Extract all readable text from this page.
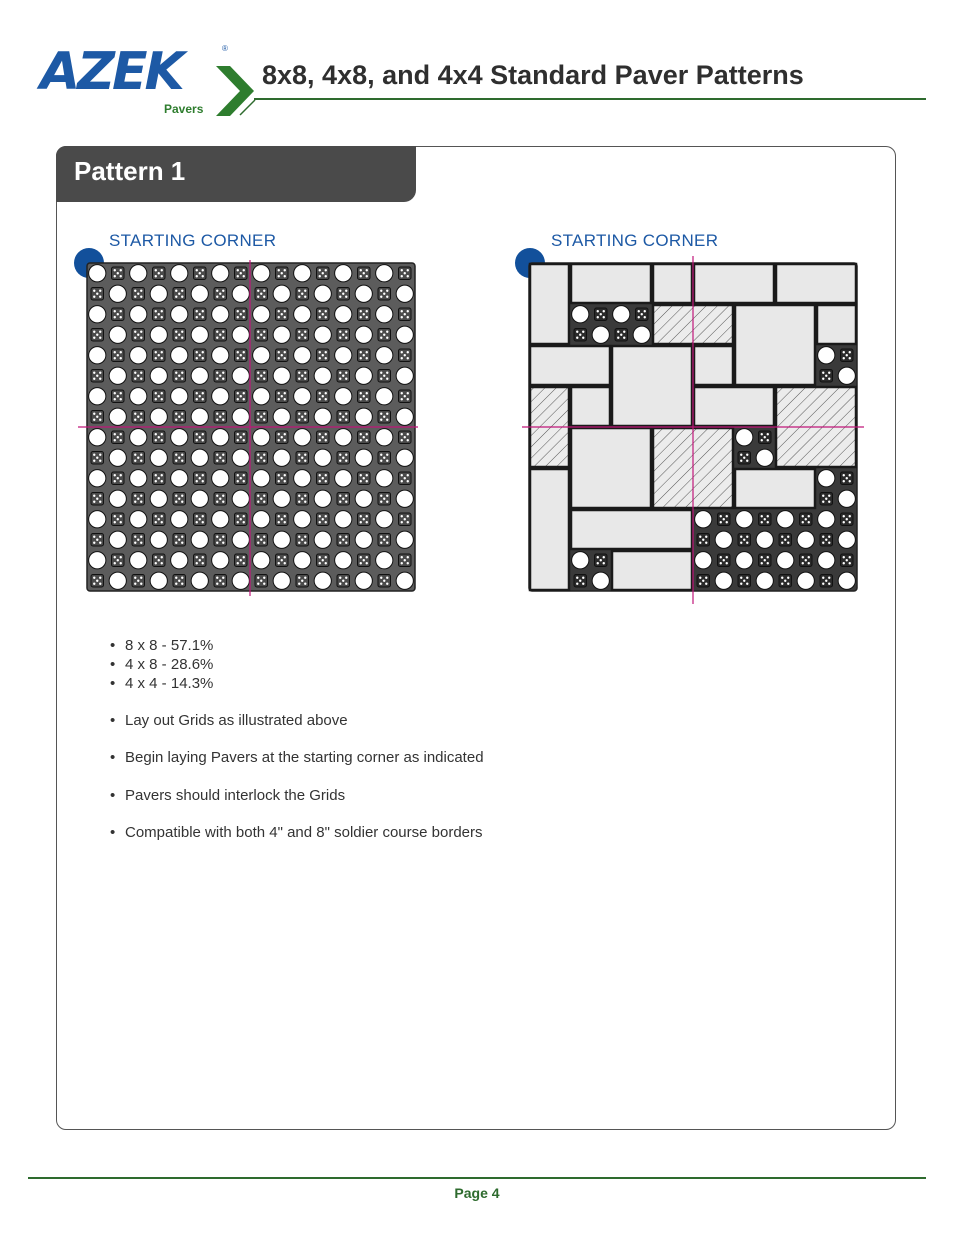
AZEK	®
Pavers
8x8, 4x8, and 4x4 Standard Paver Patterns
Pattern 1
STARTING CORNER	STARTING CORNER
• 8 x 8 - 57.1%
• 4 x 8 - 28.6%
• 4 x 4 - 14.3%
• Lay out Grids as illustrated above
• Begin laying Pavers at the starting corner as indicated
• Pavers should interlock the Grids
• Compatible with both 4" and 8" soldier course borders
Page 4
